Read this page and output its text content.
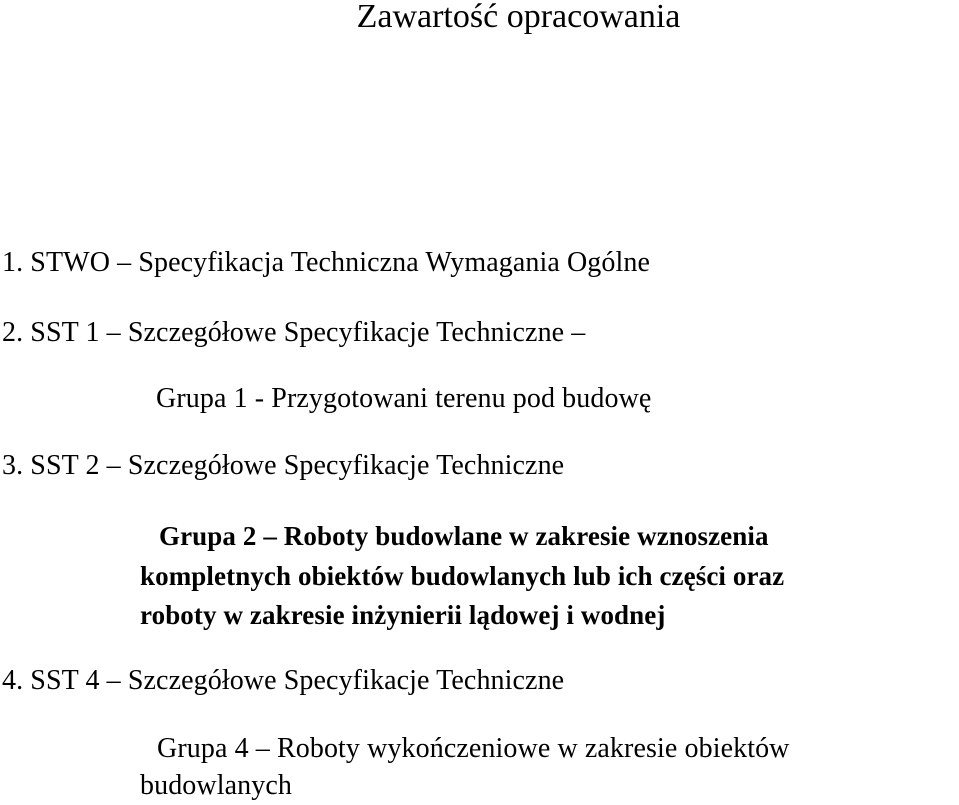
Zawartość opracowania
1. STWO – Specyfikacja Techniczna Wymagania Ogólne
2. SST 1 – Szczegółowe Specyfikacje Techniczne –
Grupa 1 - Przygotowani terenu pod budowę
3. SST 2 – Szczegółowe Specyfikacje Techniczne
Grupa 2 – Roboty budowlane w zakresie wznoszenia
kompletnych obiektów budowlanych lub ich części oraz
roboty w zakresie inżynierii lądowej i wodnej
4. SST 4 – Szczegółowe Specyfikacje Techniczne
Grupa 4 – Roboty wykończeniowe w zakresie obiektów
budowlanych
